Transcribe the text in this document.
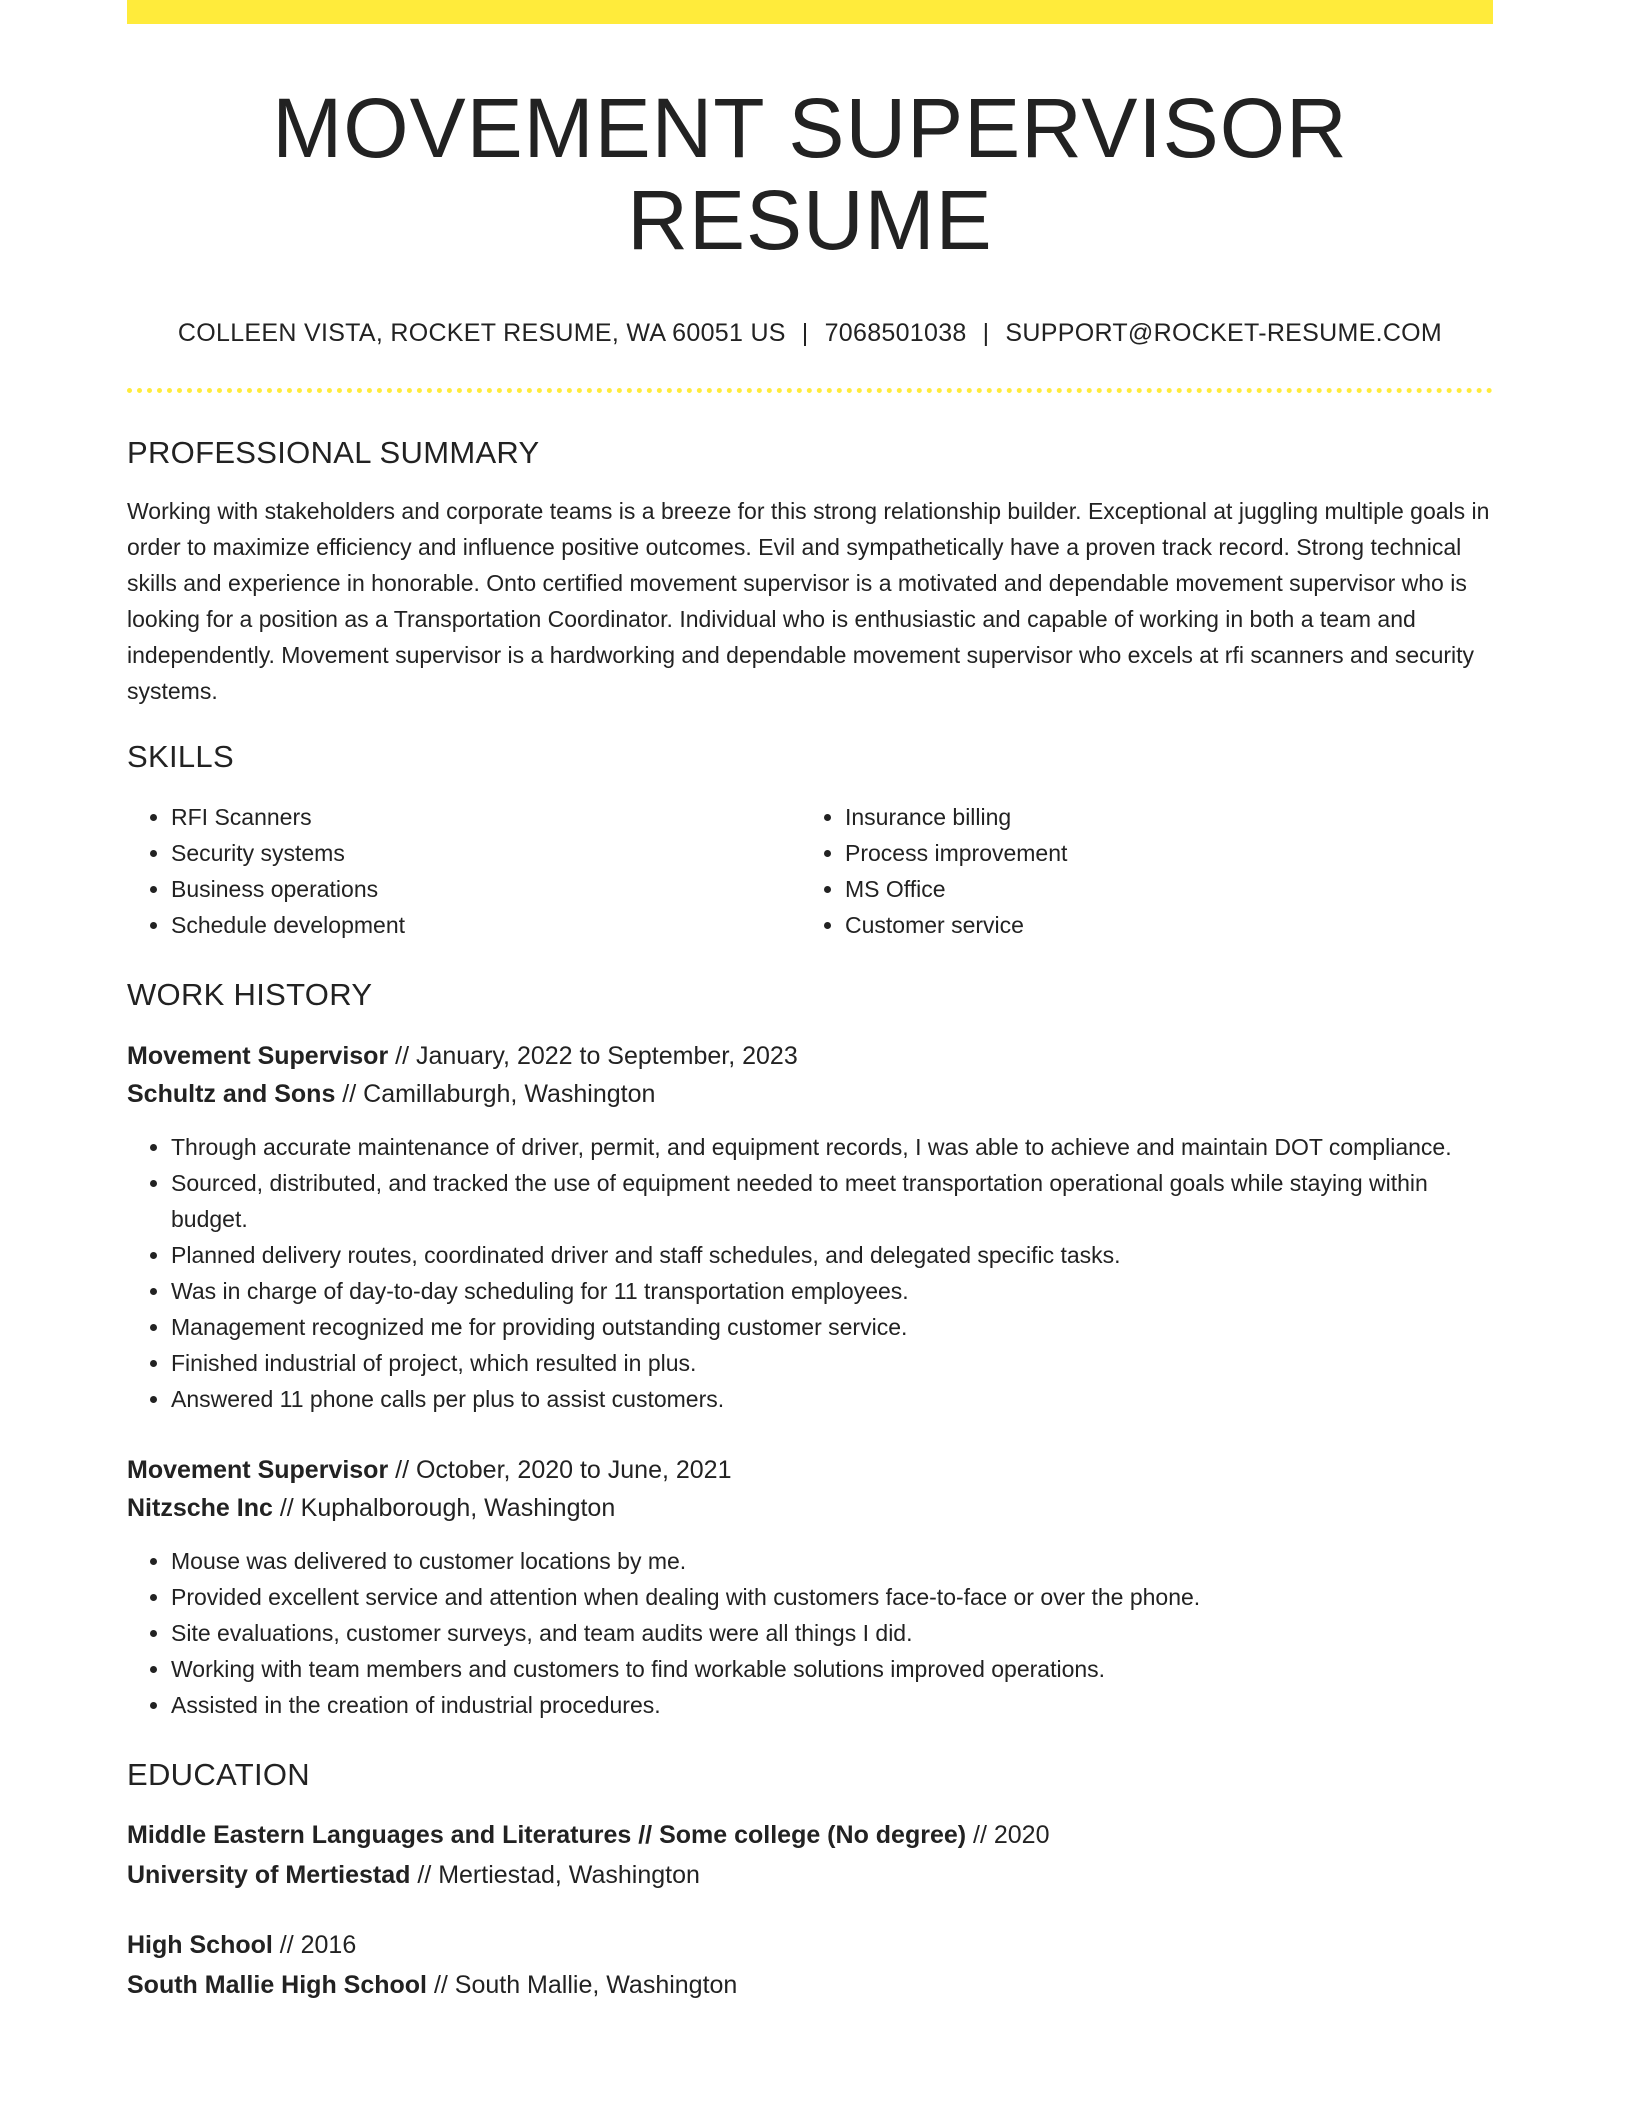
MOVEMENT SUPERVISOR RESUME
COLLEEN VISTA, ROCKET RESUME, WA 60051 US | 7068501038 | SUPPORT@ROCKET-RESUME.COM
PROFESSIONAL SUMMARY
Working with stakeholders and corporate teams is a breeze for this strong relationship builder. Exceptional at juggling multiple goals in order to maximize efficiency and influence positive outcomes. Evil and sympathetically have a proven track record. Strong technical skills and experience in honorable. Onto certified movement supervisor is a motivated and dependable movement supervisor who is looking for a position as a Transportation Coordinator. Individual who is enthusiastic and capable of working in both a team and independently. Movement supervisor is a hardworking and dependable movement supervisor who excels at rfi scanners and security systems.
SKILLS
• RFI Scanners
• Security systems
• Business operations
• Schedule development
• Insurance billing
• Process improvement
• MS Office
• Customer service
WORK HISTORY
Movement Supervisor // January, 2022 to September, 2023
Schultz and Sons // Camillaburgh, Washington
• Through accurate maintenance of driver, permit, and equipment records, I was able to achieve and maintain DOT compliance.
• Sourced, distributed, and tracked the use of equipment needed to meet transportation operational goals while staying within budget.
• Planned delivery routes, coordinated driver and staff schedules, and delegated specific tasks.
• Was in charge of day-to-day scheduling for 11 transportation employees.
• Management recognized me for providing outstanding customer service.
• Finished industrial of project, which resulted in plus.
• Answered 11 phone calls per plus to assist customers.
Movement Supervisor // October, 2020 to June, 2021
Nitzsche Inc // Kuphalborough, Washington
• Mouse was delivered to customer locations by me.
• Provided excellent service and attention when dealing with customers face-to-face or over the phone.
• Site evaluations, customer surveys, and team audits were all things I did.
• Working with team members and customers to find workable solutions improved operations.
• Assisted in the creation of industrial procedures.
EDUCATION
Middle Eastern Languages and Literatures // Some college (No degree) // 2020
University of Mertiestad // Mertiestad, Washington
High School // 2016
South Mallie High School // South Mallie, Washington
